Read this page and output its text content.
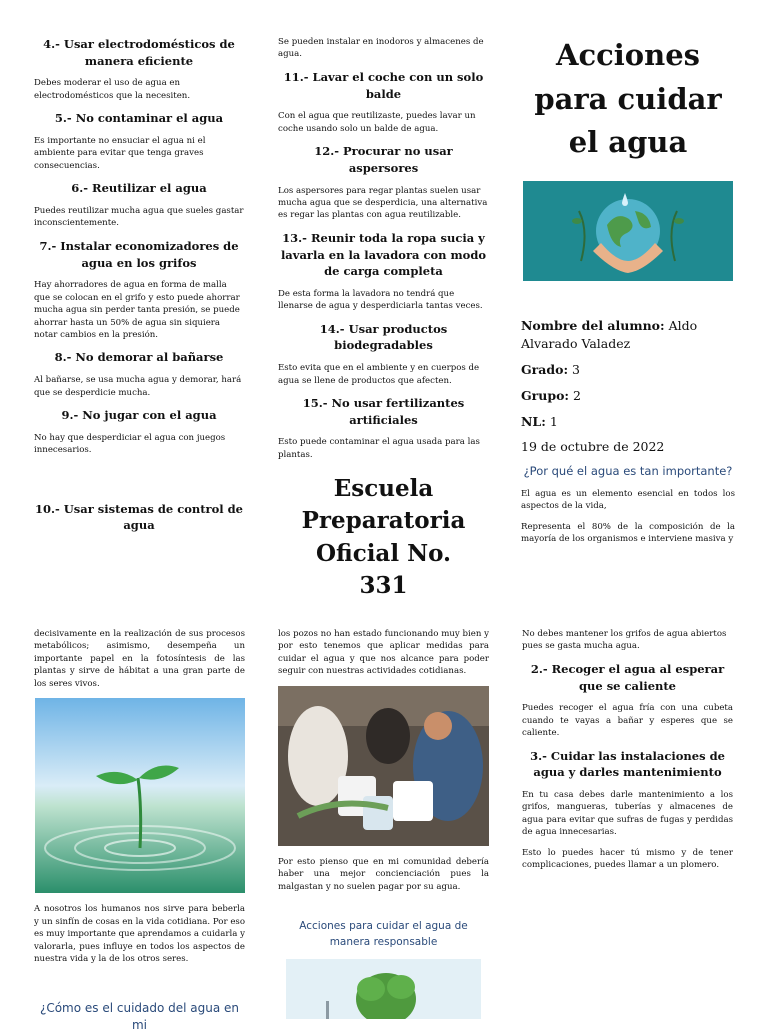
4.- Usar electrodomésticos de manera eficiente
Debes moderar el uso de agua en electrodomésticos que la necesiten.
5.- No contaminar el agua
Es importante no ensuciar el agua ni el ambiente para evitar que tenga graves consecuencias.
6.- Reutilizar el agua
Puedes reutilizar mucha agua que sueles gastar inconscientemente.
7.- Instalar economizadores de agua en los grifos
Hay ahorradores de agua en forma de malla que se colocan en el grifo y esto puede ahorrar mucha agua sin perder tanta presión, se puede ahorrar hasta un 50% de agua sin siquiera notar cambios en la presión.
8.- No demorar al bañarse
Al bañarse, se usa mucha agua y demorar, hará que se desperdicie mucha.
9.- No jugar con el agua
No hay que desperdiciar el agua con juegos innecesarios.
10.- Usar sistemas de control de agua
Se pueden instalar en inodoros y almacenes de agua.
11.- Lavar el coche con un solo balde
Con el agua que reutilizaste, puedes lavar un coche usando solo un balde de agua.
12.- Procurar no usar aspersores
Los aspersores para regar plantas suelen usar mucha agua que se desperdicia, una alternativa es regar las plantas con agua reutilizable.
13.- Reunir toda la ropa sucia y lavarla en la lavadora con modo de carga completa
De esta forma la lavadora no tendrá que llenarse de agua y desperdiciarla tantas veces.
14.- Usar productos biodegradables
Esto evita que en el ambiente y en cuerpos de agua se llene de productos que afecten.
15.- No usar fertilizantes artificiales
Esto puede contaminar el agua usada para las plantas.
Escuela Preparatoria Oficial No. 331
Acciones para cuidar el agua
Nombre del alumno: Aldo Alvarado Valadez
Grado: 3
Grupo: 2
NL: 1
19 de octubre de 2022
¿Por qué el agua es tan importante?
El agua es un elemento esencial en todos los aspectos de la vida,
Representa el 80% de la composición de la mayoría de los organismos e interviene masiva y
decisivamente en la realización de sus procesos metabólicos; asimismo, desempeña un importante papel en la fotosíntesis de las plantas y sirve de hábitat a una gran parte de los seres vivos.
A nosotros los humanos nos sirve para beberla y un sinfín de cosas en la vida cotidiana. Por eso es muy importante que aprendamos a cuidarla y valorarla, pues influye en todos los aspectos de nuestra vida y la de los otros seres.
los pozos no han estado funcionando muy bien y por esto tenemos que aplicar medidas para cuidar el agua y que nos alcance para poder seguir con nuestras actividades cotidianas.
Por esto pienso que en mi comunidad debería haber una mejor concienciación pues la malgastan y no suelen pagar por su agua.
Acciones para cuidar el agua de manera responsable
No debes mantener los grifos de agua abiertos pues se gasta mucha agua.
2.- Recoger el agua al esperar que se caliente
Puedes recoger el agua fría con una cubeta cuando te vayas a bañar y esperes que se caliente.
3.- Cuidar las instalaciones de agua y darles mantenimiento
En tu casa debes darle mantenimiento a los grifos, mangueras, tuberías y almacenes de agua para evitar que sufras de fugas y perdidas de agua innecesarias.
Esto lo puedes hacer tú mismo y de tener complicaciones, puedes llamar a un plomero.
¿Cómo es el cuidado del agua en mi
